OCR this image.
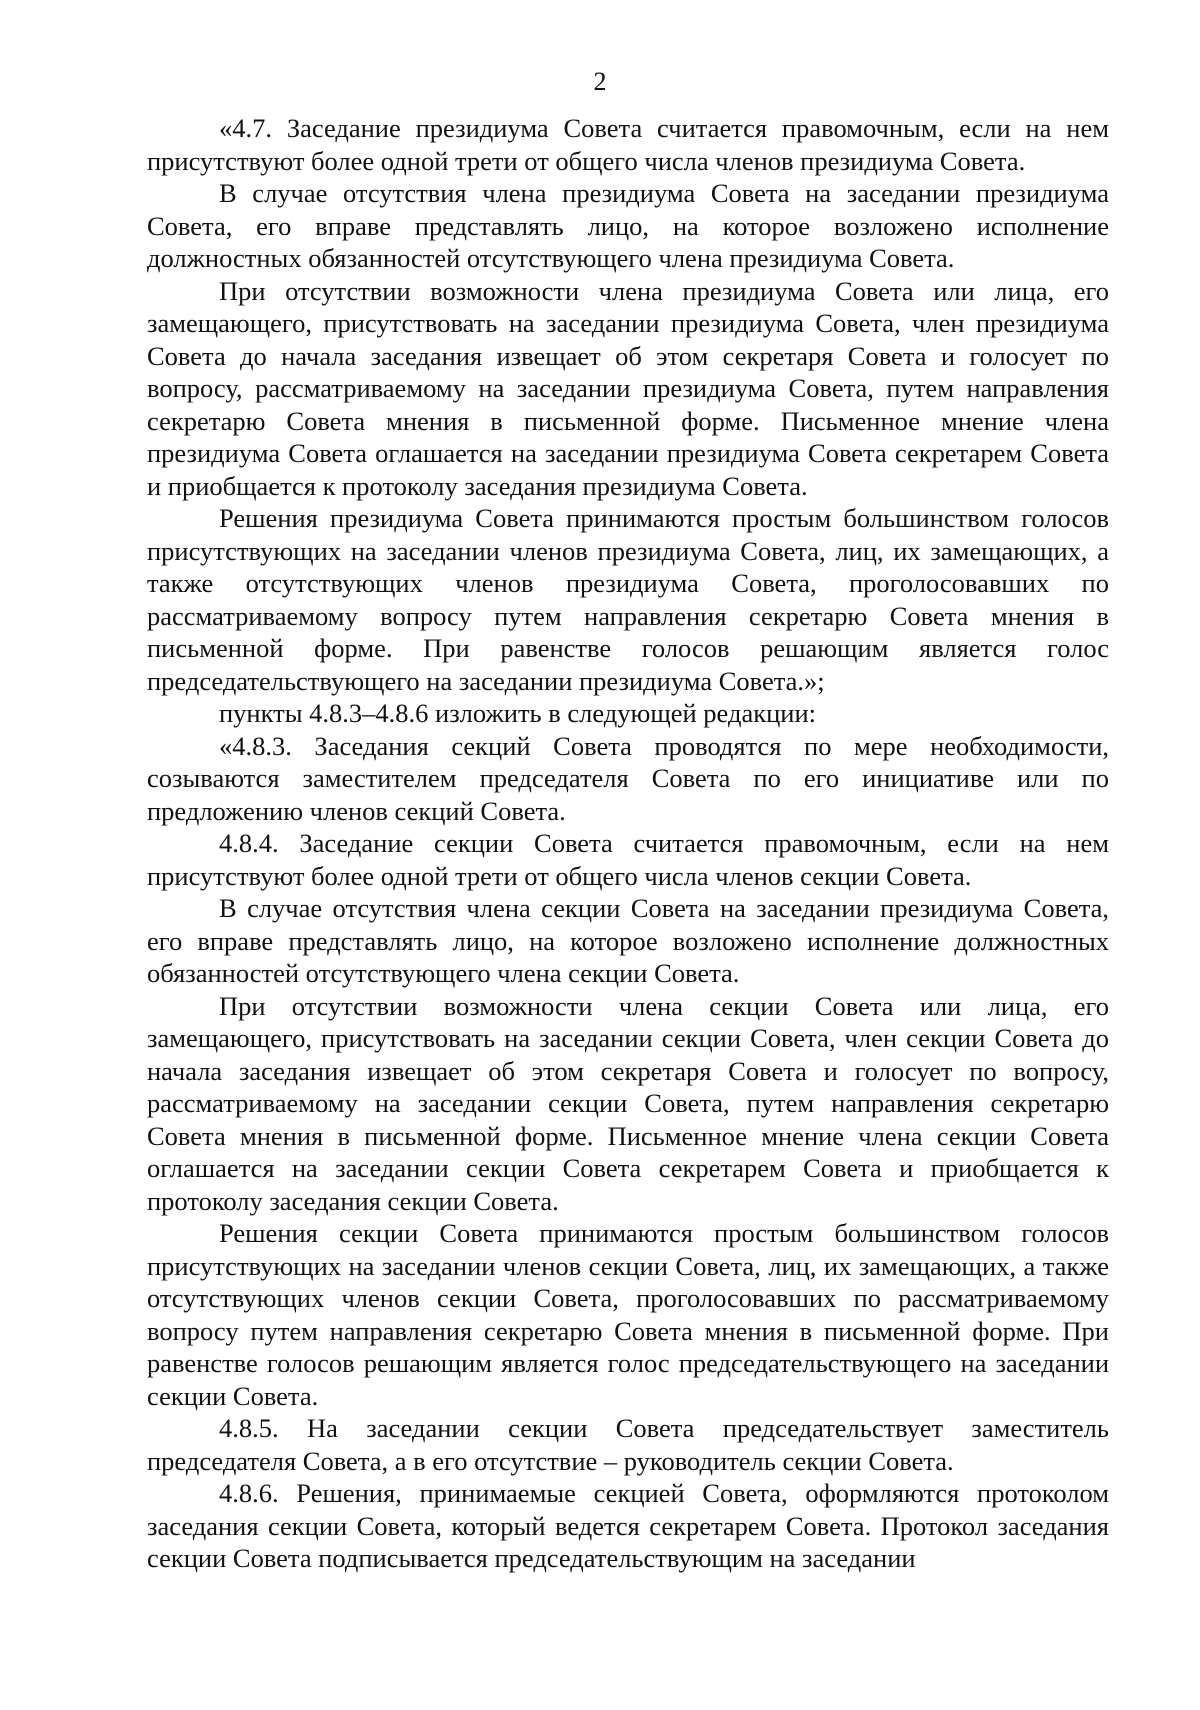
2

«4.7. Заседание президиума Совета считается правомочным, если на нем присутствуют более одной трети от общего числа членов президиума Совета.

В случае отсутствия члена президиума Совета на заседании президиума Совета, его вправе представлять лицо, на которое возложено исполнение должностных обязанностей отсутствующего члена президиума Совета.

При отсутствии возможности члена президиума Совета или лица, его замещающего, присутствовать на заседании президиума Совета, член президиума Совета до начала заседания извещает об этом секретаря Совета и голосует по вопросу, рассматриваемому на заседании президиума Совета, путем направления секретарю Совета мнения в письменной форме. Письменное мнение члена президиума Совета оглашается на заседании президиума Совета секретарем Совета и приобщается к протоколу заседания президиума Совета.

Решения президиума Совета принимаются простым большинством голосов присутствующих на заседании членов президиума Совета, лиц, их замещающих, а также отсутствующих членов президиума Совета, проголосовавших по рассматриваемому вопросу путем направления секретарю Совета мнения в письменной форме. При равенстве голосов решающим является голос председательствующего на заседании президиума Совета.»;

пункты 4.8.3–4.8.6 изложить в следующей редакции:

«4.8.3. Заседания секций Совета проводятся по мере необходимости, созываются заместителем председателя Совета по его инициативе или по предложению членов секций Совета.

4.8.4. Заседание секции Совета считается правомочным, если на нем присутствуют более одной трети от общего числа членов секции Совета.

В случае отсутствия члена секции Совета на заседании президиума Совета, его вправе представлять лицо, на которое возложено исполнение должностных обязанностей отсутствующего члена секции Совета.

При отсутствии возможности члена секции Совета или лица, его замещающего, присутствовать на заседании секции Совета, член секции Совета до начала заседания извещает об этом секретаря Совета и голосует по вопросу, рассматриваемому на заседании секции Совета, путем направления секретарю Совета мнения в письменной форме. Письменное мнение члена секции Совета оглашается на заседании секции Совета секретарем Совета и приобщается к протоколу заседания секции Совета.

Решения секции Совета принимаются простым большинством голосов присутствующих на заседании членов секции Совета, лиц, их замещающих, а также отсутствующих членов секции Совета, проголосовавших по рассматриваемому вопросу путем направления секретарю Совета мнения в письменной форме. При равенстве голосов решающим является голос председательствующего на заседании секции Совета.

4.8.5. На заседании секции Совета председательствует заместитель председателя Совета, а в его отсутствие – руководитель секции Совета.

4.8.6. Решения, принимаемые секцией Совета, оформляются протоколом заседания секции Совета, который ведется секретарем Совета. Протокол заседания секции Совета подписывается председательствующим на заседании
